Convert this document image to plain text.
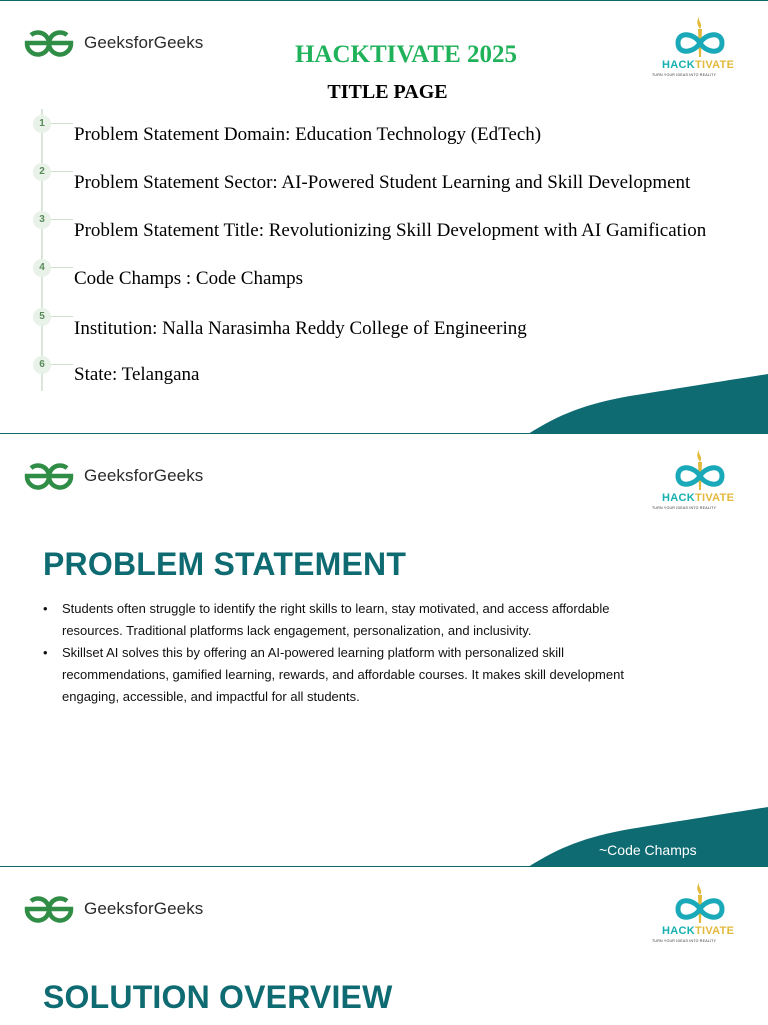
GeeksforGeeks
HACKTIVATE
TURN YOUR IDEAS INTO REALITY
HACKTIVATE 2025
TITLE PAGE
1
Problem Statement Domain: Education Technology (EdTech)
2
Problem Statement Sector: AI-Powered Student Learning and Skill Development
3
Problem Statement Title: Revolutionizing Skill Development with AI Gamification
4
Code Champs : Code Champs
5
Institution: Nalla Narasimha Reddy College of Engineering
6	State: Telangana
GeeksforGeeks
HACKTIVATE
TURN YOUR IDEAS INTO REALITY
PROBLEM STATEMENT
• Students often struggle to identify the right skills to learn, stay motivated, and access affordable resources. Traditional platforms lack engagement, personalization, and inclusivity.
• Skillset AI solves this by offering an AI-powered learning platform with personalized skill recommendations, gamified learning, rewards, and affordable courses. It makes skill development engaging, accessible, and impactful for all students.
~Code Champs
GeeksforGeeks
HACKTIVATE
TURN YOUR IDEAS INTO REALITY
SOLUTION OVERVIEW
